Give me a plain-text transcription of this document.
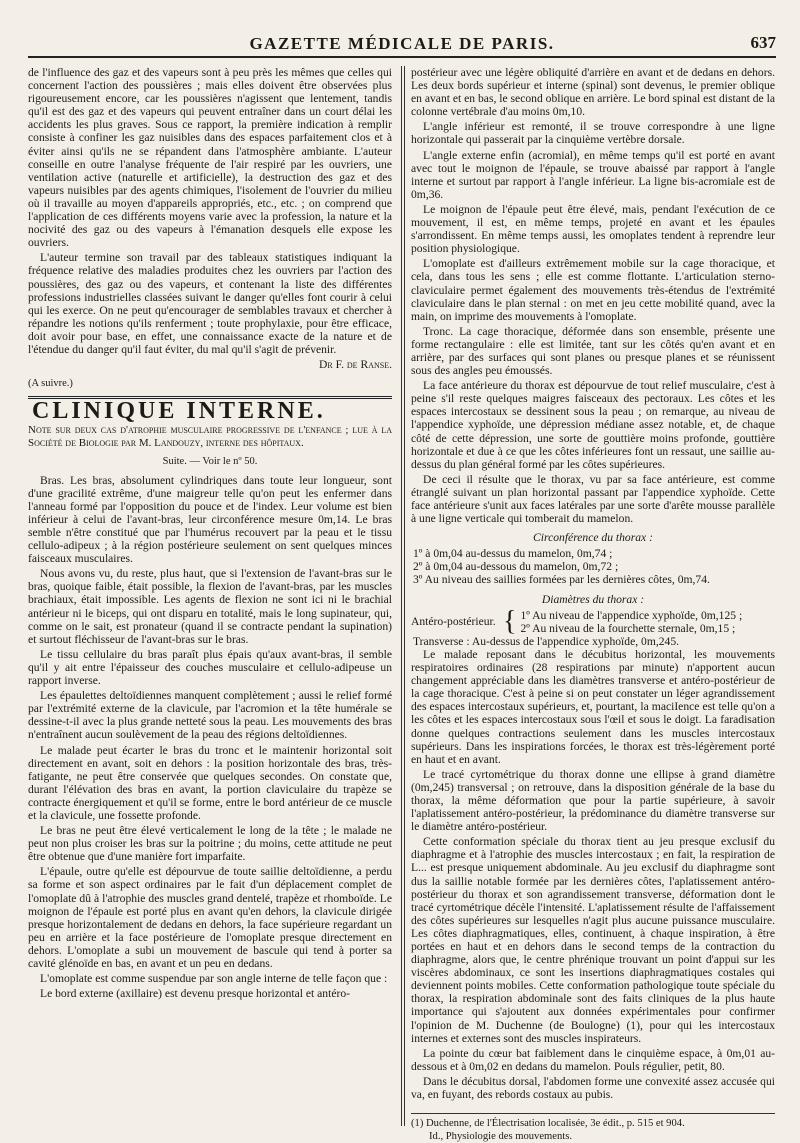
GAZETTE MÉDICALE DE PARIS.	637

de l'influence des gaz et des vapeurs sont à peu près les mêmes que celles qui concernent l'action des poussières ; mais elles doivent être observées plus rigoureusement encore, car les poussières n'agissent que lentement, tandis qu'il est des gaz et des vapeurs qui peuvent entraîner dans un court délai les accidents les plus graves. Sous ce rapport, la première indication à remplir consiste à confiner les gaz nuisibles dans des espaces parfaitement clos et à éviter ainsi qu'ils ne se répandent dans l'atmosphère ambiante. L'auteur conseille en outre l'analyse fréquente de l'air respiré par les ouvriers, une ventilation active (naturelle et artificielle), la destruction des gaz et des vapeurs nuisibles par des agents chimiques, l'isolement de l'ouvrier du milieu où il travaille au moyen d'appareils appropriés, etc., etc. ; on comprend que l'application de ces différents moyens varie avec la profession, la nature et la nocivité des gaz ou des vapeurs à l'émanation desquels elle expose les ouvriers.

L'auteur termine son travail par des tableaux statistiques indiquant la fréquence relative des maladies produites chez les ouvriers par l'action des poussières, des gaz ou des vapeurs, et contenant la liste des différentes professions industrielles classées suivant le danger qu'elles font courir à celui qui les exerce. On ne peut qu'encourager de semblables travaux et chercher à répandre les notions qu'ils renferment ; toute prophylaxie, pour être efficace, doit avoir pour base, en effet, une connaissance exacte de la nature et de l'étendue du danger qu'il faut éviter, du mal qu'il s'agit de prévenir.

Dr F. de Ranse.

(A suivre.)

CLINIQUE INTERNE.

Note sur deux cas d'atrophie musculaire progressive de l'enfance ; lue à la Société de Biologie par M. Landouzy, interne des hôpitaux.

Suite. — Voir le nº 50.

Bras. Les bras, absolument cylindriques dans toute leur longueur, sont d'une gracilité extrême, d'une maigreur telle qu'on peut les enfermer dans l'anneau formé par l'opposition du pouce et de l'index. Leur volume est bien inférieur à celui de l'avant-bras, leur circonférence mesure 0m,14. Le bras semble n'être constitué que par l'humérus recouvert par la peau et le tissu cellulo-adipeux ; à la région postérieure seulement on sent quelques minces faisceaux musculaires.

Nous avons vu, du reste, plus haut, que si l'extension de l'avant-bras sur le bras, quoique faible, était possible, la flexion de l'avant-bras, par les muscles brachiaux, était impossible. Les agents de flexion ne sont ici ni le brachial antérieur ni le biceps, qui ont disparu en totalité, mais le long supinateur, qui, comme on le sait, est pronateur (quand il se contracte pendant la supination) et surtout fléchisseur de l'avant-bras sur le bras.

Le tissu cellulaire du bras paraît plus épais qu'aux avant-bras, il semble qu'il y ait entre l'épaisseur des couches musculaire et cellulo-adipeuse un rapport inverse.

Les épaulettes deltoïdiennes manquent complètement ; aussi le relief formé par l'extrémité externe de la clavicule, par l'acromion et la tête humérale se dessine-t-il avec la plus grande netteté sous la peau. Les mouvements des bras n'entraînent aucun soulèvement de la peau des régions deltoïdiennes.

Le malade peut écarter le bras du tronc et le maintenir horizontal soit directement en avant, soit en dehors : la position horizontale des bras, très-fatigante, ne peut être conservée que quelques secondes. On constate que, durant l'élévation des bras en avant, la portion claviculaire du trapèze se contracte énergiquement et qu'il se forme, entre le bord antérieur de ce muscle et la clavicule, une fossette profonde.

Le bras ne peut être élevé verticalement le long de la tête ; le malade ne peut non plus croiser les bras sur la poitrine ; du moins, cette attitude ne peut être obtenue que d'une manière fort imparfaite.

L'épaule, outre qu'elle est dépourvue de toute saillie deltoïdienne, a perdu sa forme et son aspect ordinaires par le fait d'un déplacement complet de l'omoplate dû à l'atrophie des muscles grand dentelé, trapèze et rhomboïde. Le moignon de l'épaule est porté plus en avant qu'en dehors, la clavicule dirigée presque horizontalement de dedans en dehors, la face supérieure regardant un peu en arrière et la face postérieure de l'omoplate presque directement en dehors. L'omoplate a subi un mouvement de bascule qui tend à porter sa cavité glénoïde en bas, en avant et un peu en dedans.

L'omoplate est comme suspendue par son angle interne de telle façon que :

Le bord externe (axillaire) est devenu presque horizontal et antéro-

postérieur avec une légère obliquité d'arrière en avant et de dedans en dehors. Les deux bords supérieur et interne (spinal) sont devenus, le premier oblique en avant et en bas, le second oblique en arrière. Le bord spinal est distant de la colonne vertébrale d'au moins 0m,10.

L'angle inférieur est remonté, il se trouve correspondre à une ligne horizontale qui passerait par la cinquième vertèbre dorsale.

L'angle externe enfin (acromial), en même temps qu'il est porté en avant avec tout le moignon de l'épaule, se trouve abaissé par rapport à l'angle interne et surtout par rapport à l'angle inférieur. La ligne bis-acromiale est de 0m,36.

Le moignon de l'épaule peut être élevé, mais, pendant l'exécution de ce mouvement, il est, en même temps, projeté en avant et les épaules s'arrondissent. En même temps aussi, les omoplates tendent à reprendre leur position physiologique.

L'omoplate est d'ailleurs extrêmement mobile sur la cage thoracique, et cela, dans tous les sens ; elle est comme flottante. L'articulation sterno-claviculaire permet également des mouvements très-étendus de l'extrémité claviculaire dans le plan sternal : on met en jeu cette mobilité quand, avec la main, on imprime des mouvements à l'omoplate.

Tronc. La cage thoracique, déformée dans son ensemble, présente une forme rectangulaire : elle est limitée, tant sur les côtés qu'en avant et en arrière, par des surfaces qui sont planes ou presque planes et se réunissent sous des angles peu émoussés.

La face antérieure du thorax est dépourvue de tout relief musculaire, c'est à peine s'il reste quelques maigres faisceaux des pectoraux. Les côtes et les espaces intercostaux se dessinent sous la peau ; on remarque, au niveau de l'appendice xyphoïde, une dépression médiane assez notable, et, de chaque côté de cette dépression, une sorte de gouttière moins profonde, gouttière horizontale et due à ce que les côtes inférieures font un ressaut, une saillie au-dessus du plan général formé par les côtes supérieures.

De ceci il résulte que le thorax, vu par sa face antérieure, est comme étranglé suivant un plan horizontal passant par l'appendice xyphoïde. Cette face antérieure s'unit aux faces latérales par une sorte d'arête mousse parallèle à une ligne verticale qui tomberait du mamelon.

Circonférence du thorax :

1º à 0m,04 au-dessus du mamelon, 0m,74 ;

2º à 0m,04 au-dessous du mamelon, 0m,72 ;

3º Au niveau des saillies formées par les dernières côtes, 0m,74.

Diamètres du thorax :
Antéro-postérieur. { 1º Au niveau de l'appendice xyphoïde, 0m,125 ;
2º Au niveau de la fourchette sternale, 0m,15 ;

Transverse : Au-dessus de l'appendice xyphoïde, 0m,245.

Le malade reposant dans le décubitus horizontal, les mouvements respiratoires ordinaires (28 respirations par minute) n'apportent aucun changement appréciable dans les diamètres transverse et antéro-postérieur de la cage thoracique. C'est à peine si on peut constater un léger agrandissement des espaces intercostaux supérieurs, et, pourtant, la maciIence est telle qu'on a les côtes et les espaces intercostaux sous l'œil et sous le doigt. La faradisation donne quelques contractions seulement dans les muscles intercostaux supérieurs. Dans les inspirations forcées, le thorax est très-légèrement porté en haut et en avant.

Le tracé cyrtométrique du thorax donne une ellipse à grand diamètre (0m,245) transversal ; on retrouve, dans la disposition générale de la base du thorax, la même déformation que pour la partie supérieure, à savoir l'aplatissement antéro-postérieur, la prédominance du diamètre transverse sur le diamètre antéro-postérieur.

Cette conformation spéciale du thorax tient au jeu presque exclusif du diaphragme et à l'atrophie des muscles intercostaux ; en fait, la respiration de L... est presque uniquement abdominale. Au jeu exclusif du diaphragme sont dus la saillie notable formée par les dernières côtes, l'aplatissement antéro-postérieur du thorax et son agrandissement transverse, déformation dont le tracé cyrtométrique décèle l'intensité. L'aplatissement résulte de l'affaissement des côtes supérieures sur lesquelles n'agit plus aucune puissance musculaire. Les côtes diaphragmatiques, elles, continuent, à chaque inspiration, à être portées en haut et en dehors dans le second temps de la contraction du diaphragme, alors que, le centre phrénique trouvant un point d'appui sur les viscères abdominaux, ce sont les insertions diaphragmatiques costales qui deviennent points mobiles. Cette conformation pathologique toute spéciale du thorax, la respiration abdominale sont des faits cliniques de la plus haute importance qui s'ajoutent aux données expérimentales pour confirmer l'opinion de M. Duchenne (de Boulogne) (1), pour qui les intercostaux internes et externes sont des muscles inspirateurs.

La pointe du cœur bat faiblement dans le cinquième espace, à 0m,01 au-dessous et à 0m,02 en dedans du mamelon. Pouls régulier, petit, 80.

Dans le décubitus dorsal, l'abdomen forme une convexité assez accusée qui va, en fuyant, des rebords costaux au pubis.

(1) Duchenne, de l'Électrisation localisée, 3e édit., p. 515 et 904.
Id., Physiologie des mouvements.
